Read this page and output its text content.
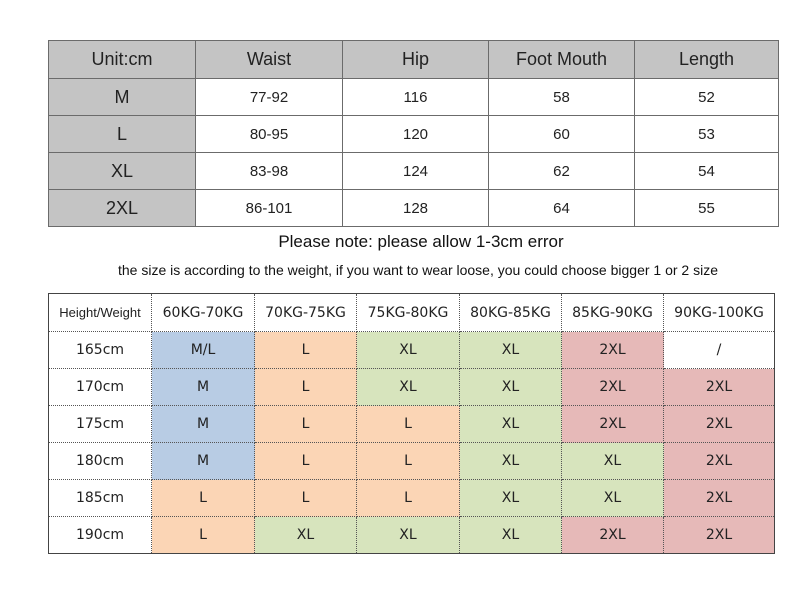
Unit:cm	Waist	Hip	Foot Mouth	Length
M	77-92	116	58	52
L	80-95	120	60	53
XL	83-98	124	62	54
2XL	86-101	128	64	55
Please note: please allow 1-3cm error
the size is according to the weight, if you want to wear loose, you could choose bigger 1 or 2 size
Height/Weight	60KG-70KG	70KG-75KG	75KG-80KG	80KG-85KG	85KG-90KG	90KG-100KG
165cm	M/L	L	XL	XL	2XL	/
170cm	M	L	XL	XL	2XL	2XL
175cm	M	L	L	XL	2XL	2XL
180cm	M	L	L	XL	XL	2XL
185cm	L	L	L	XL	XL	2XL
190cm	L	XL	XL	XL	2XL	2XL
